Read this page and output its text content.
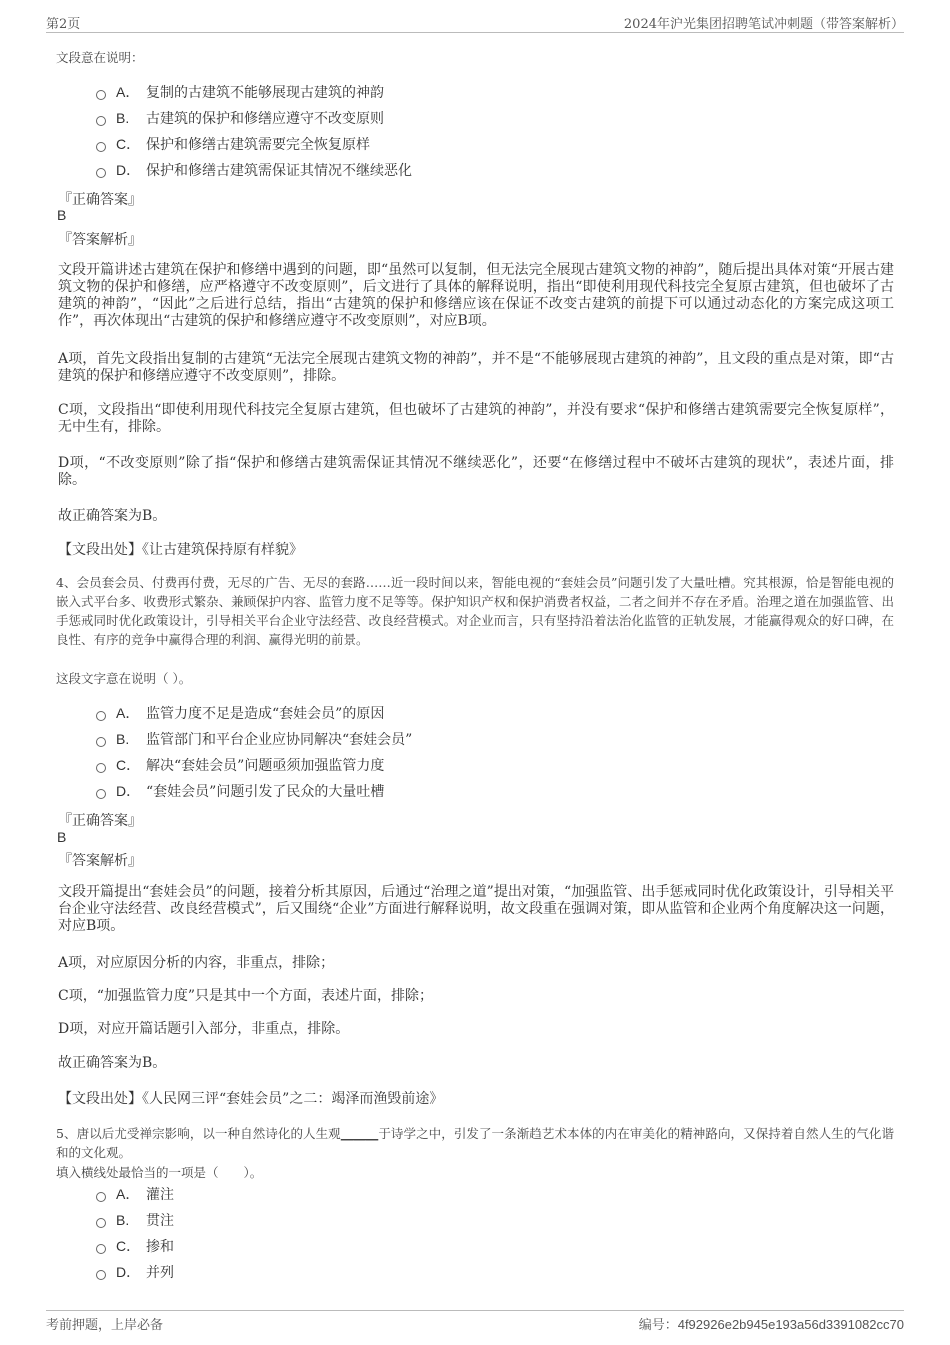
第2页	2024年沪光集团招聘笔试冲刺题（带答案解析）
文段意在说明：
A． 复制的古建筑不能够展现古建筑的神韵
B. 古建筑的保护和修缮应遵守不改变原则
C． 保护和修缮古建筑需要完全恢复原样
D． 保护和修缮古建筑需保证其情况不继续恶化
『正确答案』
B
『答案解析』
文段开篇讲述古建筑在保护和修缮中遇到的问题，即“虽然可以复制，但无法完全展现古建筑文物的神韵”，随后提出具体对策“开展古建筑文物的保护和修缮，应严格遵守不改变原则”，后文进行了具体的解释说明，指出“即使利用现代科技完全复原古建筑，但也破坏了古建筑的神韵”，“因此”之后进行总结，指出“古建筑的保护和修缮应该在保证不改变古建筑的前提下可以通过动态化的方案完成这项工作”，再次体现出“古建筑的保护和修缮应遵守不改变原则”，对应B项。
A项，首先文段指出复制的古建筑“无法完全展现古建筑文物的神韵”，并不是“不能够展现古建筑的神韵”，且文段的重点是对策，即“古建筑的保护和修缮应遵守不改变原则”，排除。
C项，文段指出“即使利用现代科技完全复原古建筑，但也破坏了古建筑的神韵”，并没有要求“保护和修缮古建筑需要完全恢复原样”，无中生有，排除。
D项，“不改变原则”除了指“保护和修缮古建筑需保证其情况不继续恶化”，还要“在修缮过程中不破坏古建筑的现状”，表述片面，排除。
故正确答案为B。
【文段出处】《让古建筑保持原有样貌》
4、会员套会员、付费再付费，无尽的广告、无尽的套路……近一段时间以来，智能电视的“套娃会员”问题引发了大量吐槽。究其根源，恰是智能电视的嵌入式平台多、收费形式繁杂、兼顾保护内容、监管力度不足等等。保护知识产权和保护消费者权益，二者之间并不存在矛盾。治理之道在加强监管、出手惩戒同时优化政策设计，引导相关平台企业守法经营、改良经营模式。对企业而言，只有坚持沿着法治化监管的正轨发展，才能赢得观众的好口碑，在良性、有序的竞争中赢得合理的利润、赢得光明的前景。
这段文字意在说明（ ）。
A． 监管力度不足是造成“套娃会员”的原因
B. 监管部门和平台企业应协同解决“套娃会员”
C． 解决“套娃会员”问题亟须加强监管力度
D． “套娃会员”问题引发了民众的大量吐槽
『正确答案』
B
『答案解析』
文段开篇提出“套娃会员”的问题，接着分析其原因，后通过“治理之道”提出对策，“加强监管、出手惩戒同时优化政策设计，引导相关平台企业守法经营、改良经营模式”，后又围绕“企业”方面进行解释说明，故文段重在强调对策，即从监管和企业两个角度解决这一问题，对应B项。
A项，对应原因分析的内容，非重点，排除；
C项，“加强监管力度”只是其中一个方面，表述片面，排除；
D项，对应开篇话题引入部分，非重点，排除。
故正确答案为B。
【文段出处】《人民网三评“套娃会员”之二：竭泽而渔毁前途》
5、唐以后尤受禅宗影响，以一种自然诗化的人生观______于诗学之中，引发了一条渐趋艺术本体的内在审美化的精神路向，又保持着自然人生的气化谐和的文化观。
填入横线处最恰当的一项是（　　）。
A． 灌注
B. 贯注
C． 掺和
D． 并列
考前押题，上岸必备	编号：4f92926e2b945e193a56d3391082cc70
